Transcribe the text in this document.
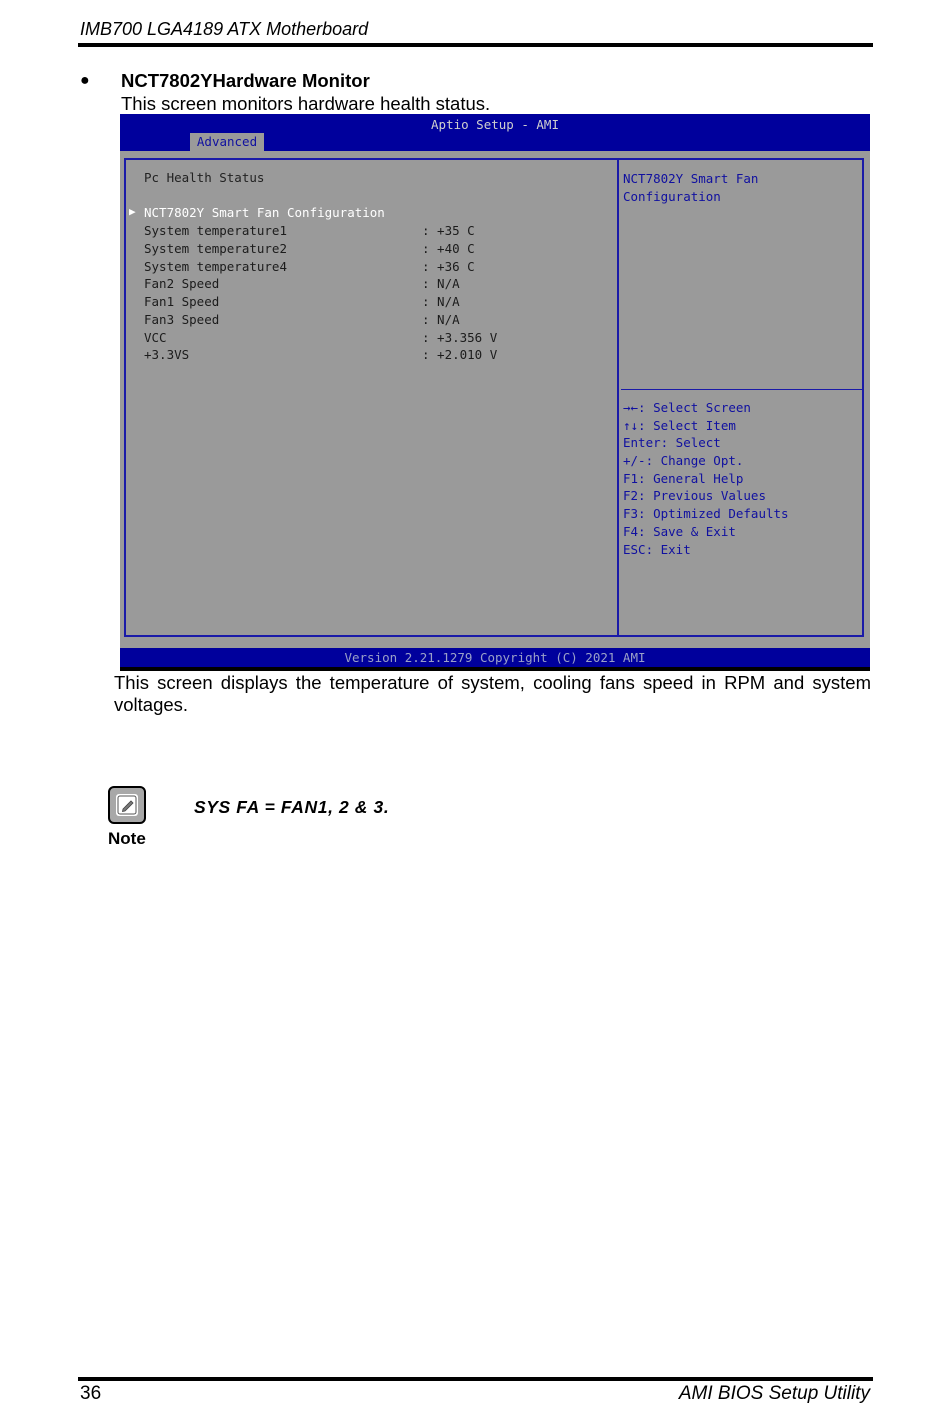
IMB700 LGA4189 ATX Motherboard
● NCT7802YHardware Monitor
This screen monitors hardware health status.
Aptio Setup - AMI
Advanced
Pc Health Status
▶ NCT7802Y Smart Fan Configuration
System temperature1	: +35 C
System temperature2	: +40 C
System temperature4	: +36 C
Fan2 Speed	: N/A
Fan1 Speed	: N/A
Fan3 Speed	: N/A
VCC	: +3.356 V
+3.3VS	: +2.010 V
NCT7802Y Smart Fan Configuration
→←: Select Screen
↑↓: Select Item
Enter: Select
+/-: Change Opt.
F1: General Help
F2: Previous Values
F3: Optimized Defaults
F4: Save & Exit
ESC: Exit
Version 2.21.1279 Copyright (C) 2021 AMI
This screen displays the temperature of system, cooling fans speed in RPM and system
voltages.
Note
SYS FA = FAN1, 2 & 3.
36	AMI BIOS Setup Utility
